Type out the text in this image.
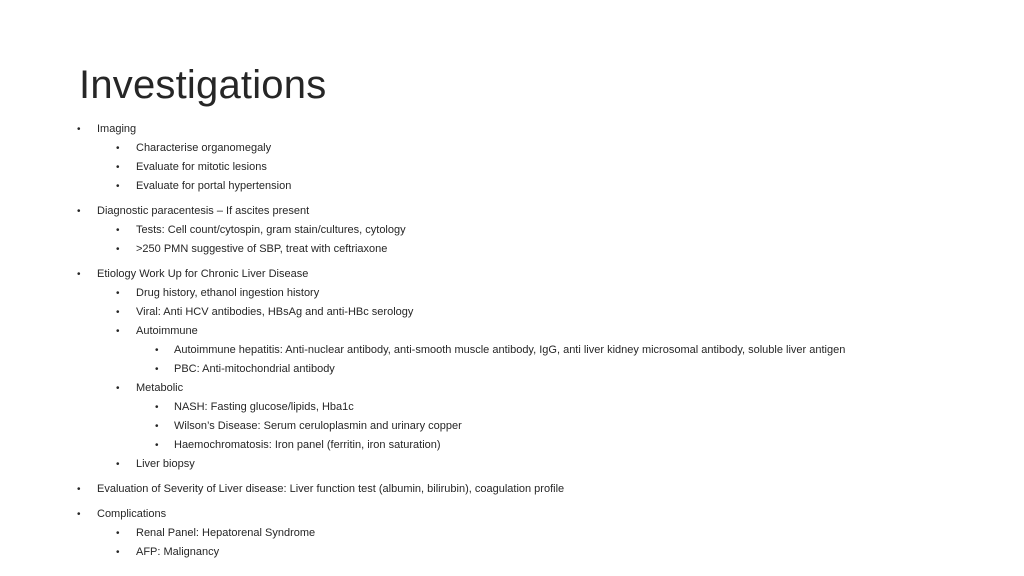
Investigations
• Imaging
• Characterise organomegaly
• Evaluate for mitotic lesions
• Evaluate for portal hypertension
• Diagnostic paracentesis – If ascites present
• Tests: Cell count/cytospin, gram stain/cultures, cytology
• >250 PMN suggestive of SBP, treat with ceftriaxone
• Etiology Work Up for Chronic Liver Disease
• Drug history, ethanol ingestion history
• Viral: Anti HCV antibodies, HBsAg and anti-HBc serology
• Autoimmune
• Autoimmune hepatitis: Anti-nuclear antibody, anti-smooth muscle antibody, IgG, anti liver kidney microsomal antibody, soluble liver antigen
• PBC: Anti-mitochondrial antibody
• Metabolic
• NASH: Fasting glucose/lipids, Hba1c
• Wilson’s Disease: Serum ceruloplasmin and urinary copper
• Haemochromatosis: Iron panel (ferritin, iron saturation)
• Liver biopsy
• Evaluation of Severity of Liver disease: Liver function test (albumin, bilirubin), coagulation profile
• Complications
• Renal Panel: Hepatorenal Syndrome
• AFP: Malignancy
